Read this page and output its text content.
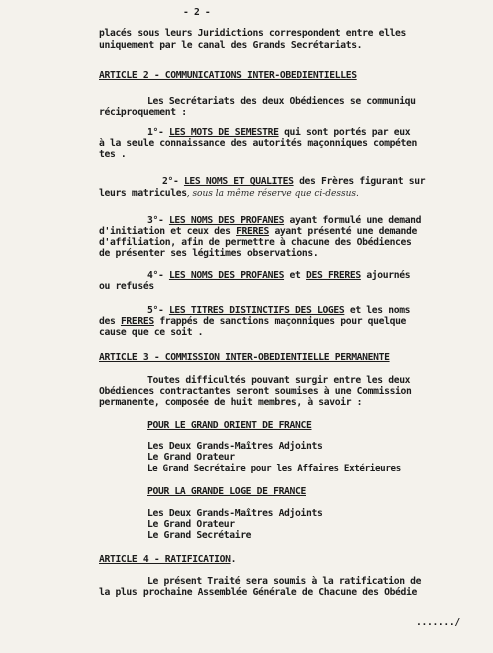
- 2 -

placés sous leurs Juridictions correspondent entre elles

uniquement par le canal des Grands Secrétariats.

ARTICLE 2 - COMMUNICATIONS INTER-OBEDIENTIELLES

Les Secrétariats des deux Obédiences se communiqu

réciproquement :

1°- LES MOTS DE SEMESTRE qui sont portés par eux

à la seule connaissance des autorités maçonniques compéten

tes .

2°- LES NOMS ET QUALITES des Frères figurant sur

leurs matricules, sous la même réserve que ci-dessus.

3°- LES NOMS DES PROFANES ayant formulé une demand

d'initiation et ceux des FRERES ayant présenté une demande

d'affiliation, afin de permettre à chacune des Obédiences

de présenter ses légitimes observations.

4°- LES NOMS DES PROFANES et DES FRERES ajournés

ou refusés

5°- LES TITRES DISTINCTIFS DES LOGES et les noms

des FRERES frappés de sanctions maçonniques pour quelque

cause que ce soit .

ARTICLE 3 - COMMISSION INTER-OBEDIENTIELLE PERMANENTE

Toutes difficultés pouvant surgir entre les deux

Obédiences contractantes seront soumises à une Commission

permanente, composée de huit membres, à savoir :

POUR LE GRAND ORIENT DE FRANCE

Les Deux Grands-Maîtres Adjoints

Le Grand Orateur

Le Grand Secrétaire pour les Affaires Extérieures

POUR LA GRANDE LOGE DE FRANCE

Les Deux Grands-Maîtres Adjoints

Le Grand Orateur

Le Grand Secrétaire

ARTICLE 4 - RATIFICATION.

Le présent Traité sera soumis à la ratification de

la plus prochaine Assemblée Générale de Chacune des Obédie

......./
